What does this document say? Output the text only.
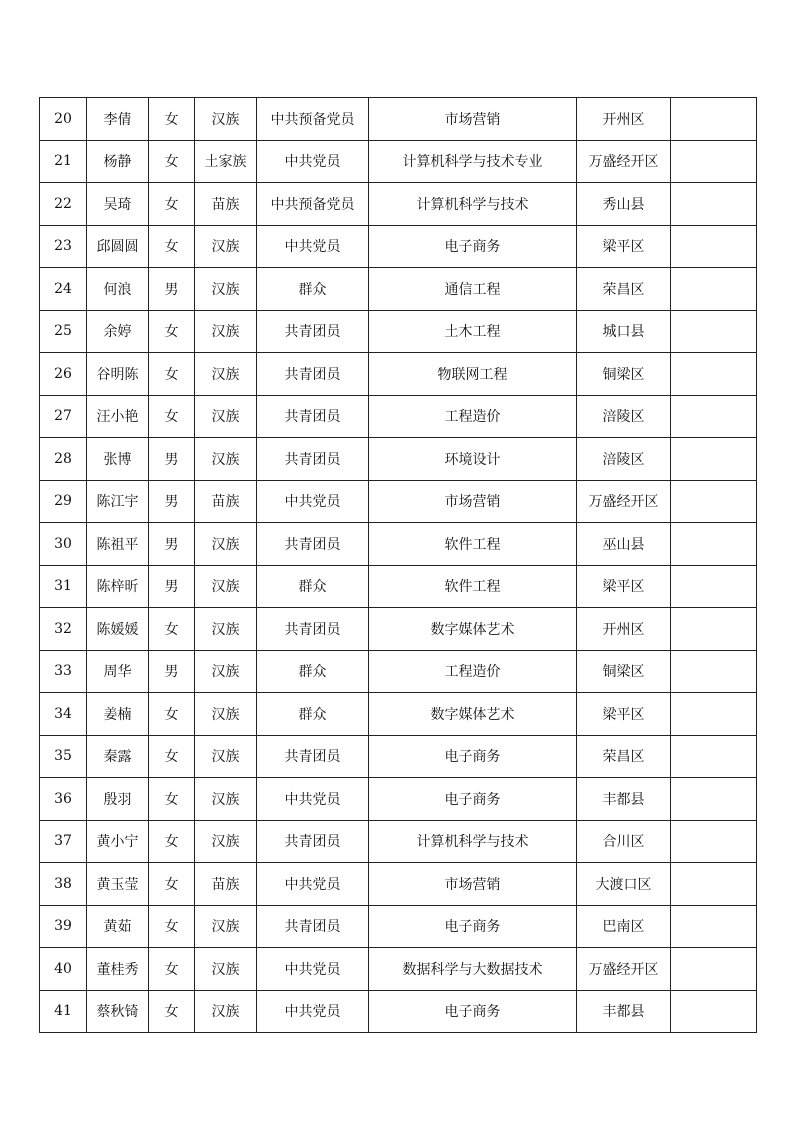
20	李倩	女	汉族	中共预备党员	市场营销	开州区	
21	杨静	女	土家族	中共党员	计算机科学与技术专业	万盛经开区	
22	吴琦	女	苗族	中共预备党员	计算机科学与技术	秀山县	
23	邱圆圆	女	汉族	中共党员	电子商务	梁平区	
24	何浪	男	汉族	群众	通信工程	荣昌区	
25	余婷	女	汉族	共青团员	土木工程	城口县	
26	谷明陈	女	汉族	共青团员	物联网工程	铜梁区	
27	汪小艳	女	汉族	共青团员	工程造价	涪陵区	
28	张博	男	汉族	共青团员	环境设计	涪陵区	
29	陈江宇	男	苗族	中共党员	市场营销	万盛经开区	
30	陈祖平	男	汉族	共青团员	软件工程	巫山县	
31	陈梓昕	男	汉族	群众	软件工程	梁平区	
32	陈媛媛	女	汉族	共青团员	数字媒体艺术	开州区	
33	周华	男	汉族	群众	工程造价	铜梁区	
34	姜楠	女	汉族	群众	数字媒体艺术	梁平区	
35	秦露	女	汉族	共青团员	电子商务	荣昌区	
36	殷羽	女	汉族	中共党员	电子商务	丰都县	
37	黄小宁	女	汉族	共青团员	计算机科学与技术	合川区	
38	黄玉莹	女	苗族	中共党员	市场营销	大渡口区	
39	黄茹	女	汉族	共青团员	电子商务	巴南区	
40	董桂秀	女	汉族	中共党员	数据科学与大数据技术	万盛经开区	
41	蔡秋锜	女	汉族	中共党员	电子商务	丰都县	
